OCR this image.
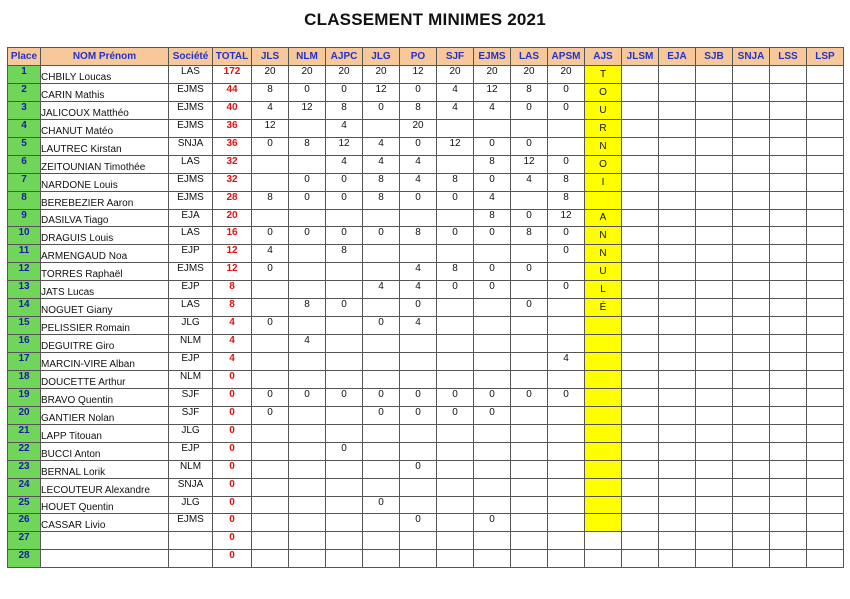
CLASSEMENT MINIMES 2021
Place	NOM Prénom	Société	TOTAL	JLS	NLM	AJPC	JLG	PO	SJF	EJMS	LAS	APSM	AJS	JLSM	EJA	SJB	SNJA	LSS	LSP
1	CHBILY Loucas	LAS	172	20	20	20	20	12	20	20	20	20	T						
2	CARIN Mathis	EJMS	44	8	0	0	12	0	4	12	8	0	O						
3	JALICOUX Matthéo	EJMS	40	4	12	8	0	8	4	4	0	0	U						
4	CHANUT Matéo	EJMS	36	12		4		20					R						
5	LAUTREC Kirstan	SNJA	36	0	8	12	4	0	12	0	0		N						
6	ZEITOUNIAN Timothée	LAS	32			4	4	4		8	12	0	O						
7	NARDONE Louis	EJMS	32		0	0	8	4	8	0	4	8	I						
8	BEREBEZIER Aaron	EJMS	28	8	0	0	8	0	0	4		8							
9	DASILVA Tiago	EJA	20							8	0	12	A						
10	DRAGUIS Louis	LAS	16	0	0	0	0	8	0	0	8	0	N						
11	ARMENGAUD Noa	EJP	12	4		8						0	N						
12	TORRES Raphaël	EJMS	12	0				4	8	0	0		U						
13	JATS Lucas	EJP	8				4	4	0	0		0	L						
14	NOGUET Giany	LAS	8		8	0		0			0		É						
15	PELISSIER Romain	JLG	4	0			0	4											
16	DEGUITRE Giro	NLM	4		4														
17	MARCIN-VIRE Alban	EJP	4									4							
18	DOUCETTE Arthur	NLM	0																
19	BRAVO Quentin	SJF	0	0	0	0	0	0	0	0	0	0							
20	GANTIER Nolan	SJF	0	0			0	0	0	0									
21	LAPP Titouan	JLG	0																
22	BUCCI Anton	EJP	0			0													
23	BERNAL Lorik	NLM	0					0											
24	LECOUTEUR Alexandre	SNJA	0																
25	HOUET Quentin	JLG	0				0												
26	CASSAR Livio	EJMS	0					0		0									
27			0																
28			0																
